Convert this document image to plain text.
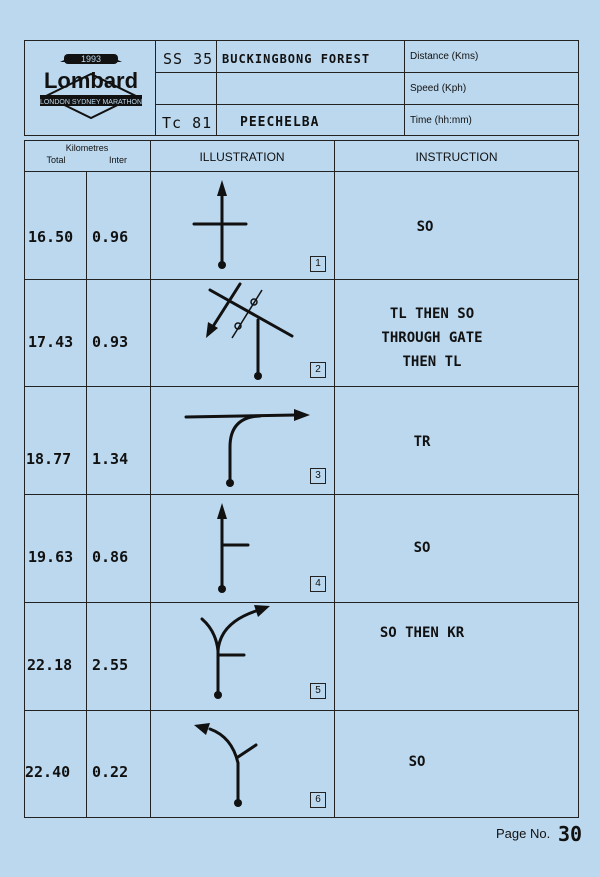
1993
Lombard
LONDON SYDNEY MARATHON
SS 35 BUCKINGBONG FOREST
Tc 81 PEECHELBA
Distance (Kms)
Speed (Kph)
Time (hh:mm)
Kilometres
Total	Inter	ILLUSTRATION	INSTRUCTION
16.50 0.96
1
SO
17.43 0.93
2
TL THEN SO
THROUGH GATE
THEN TL
18.77 1.34
3
TR
19.63 0.86
4
SO
22.18 2.55
5
SO THEN KR
22.40 0.22
6
SO
Page No. 30
